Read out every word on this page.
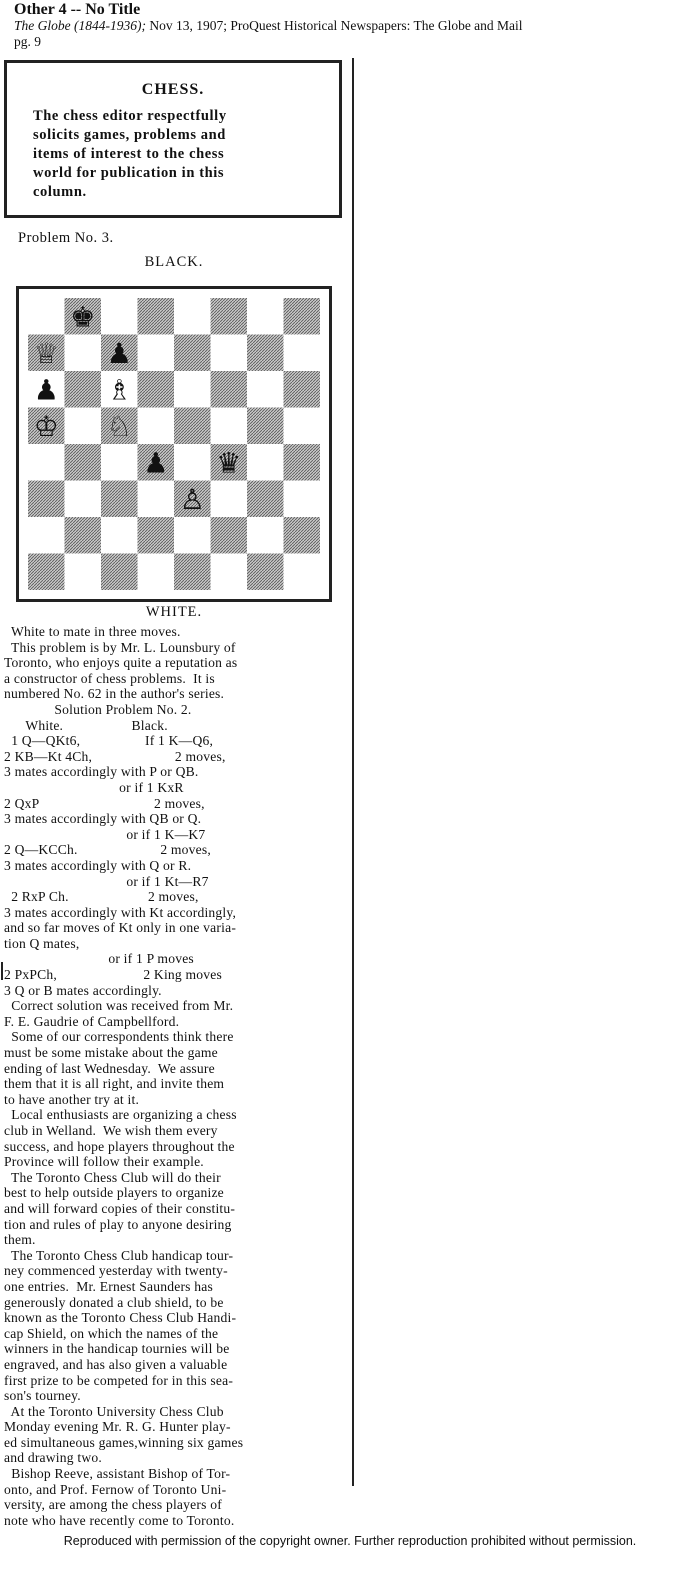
Other 4 -- No Title
The Globe (1844-1936); Nov 13, 1907; ProQuest Historical Newspapers: The Globe and Mail
pg. 9
CHESS.
The chess editor respectfully
solicits games, problems and
items of interest to the chess
world for publication in this
column.
Problem No. 3.
BLACK.
♚
♕ ♟
♟ ♗
♔ ♘
♟ ♛
♙
WHITE.
White to mate in three moves.
This problem is by Mr. L. Lounsbury of
Toronto, who enjoys quite a reputation as
a constructor of chess problems.  It is
numbered No. 62 in the author's series.
Solution Problem No. 2.
White.                   Black.
1 Q—QKt6,                  If 1 K—Q6,
2 KB—Kt 4Ch,                       2 moves,
3 mates accordingly with P or QB.
or if 1 KxR
2 QxP                                2 moves,
3 mates accordingly with QB or Q.
or if 1 K—K7
2 Q—KCCh.                       2 moves,
3 mates accordingly with Q or R.
or if 1 Kt—R7
2 RxP Ch.                      2 moves,
3 mates accordingly with Kt accordingly,
and so far moves of Kt only in one varia-
tion Q mates,
or if 1 P moves
2 PxPCh,                        2 King moves
3 Q or B mates accordingly.
Correct solution was received from Mr.
F. E. Gaudrie of Campbellford.
Some of our correspondents think there
must be some mistake about the game
ending of last Wednesday.  We assure
them that it is all right, and invite them
to have another try at it.
Local enthusiasts are organizing a chess
club in Welland.  We wish them every
success, and hope players throughout the
Province will follow their example.
The Toronto Chess Club will do their
best to help outside players to organize
and will forward copies of their constitu-
tion and rules of play to anyone desiring
them.
The Toronto Chess Club handicap tour-
ney commenced yesterday with twenty-
one entries.  Mr. Ernest Saunders has
generously donated a club shield, to be
known as the Toronto Chess Club Handi-
cap Shield, on which the names of the
winners in the handicap tournies will be
engraved, and has also given a valuable
first prize to be competed for in this sea-
son's tourney.
At the Toronto University Chess Club
Monday evening Mr. R. G. Hunter play-
ed simultaneous games,winning six games
and drawing two.
Bishop Reeve, assistant Bishop of Tor-
onto, and Prof. Fernow of Toronto Uni-
versity, are among the chess players of
note who have recently come to Toronto.
Reproduced with permission of the copyright owner. Further reproduction prohibited without permission.
